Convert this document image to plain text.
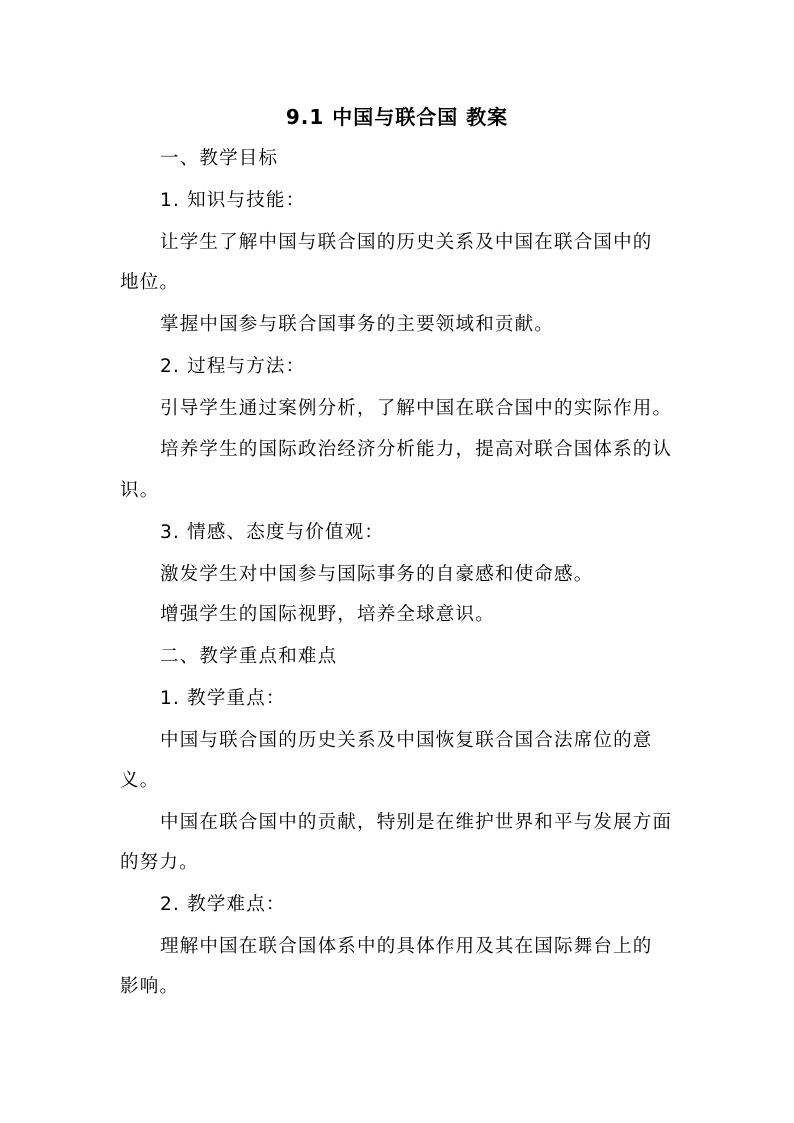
9.1 中国与联合国 教案
一、教学目标
1. 知识与技能：
让学生了解中国与联合国的历史关系及中国在联合国中的
地位。
掌握中国参与联合国事务的主要领域和贡献。
2. 过程与方法：
引导学生通过案例分析，了解中国在联合国中的实际作用。
培养学生的国际政治经济分析能力，提高对联合国体系的认
识。
3. 情感、态度与价值观：
激发学生对中国参与国际事务的自豪感和使命感。
增强学生的国际视野，培养全球意识。
二、教学重点和难点
1. 教学重点：
中国与联合国的历史关系及中国恢复联合国合法席位的意
义。
中国在联合国中的贡献，特别是在维护世界和平与发展方面
的努力。
2. 教学难点：
理解中国在联合国体系中的具体作用及其在国际舞台上的
影响。
